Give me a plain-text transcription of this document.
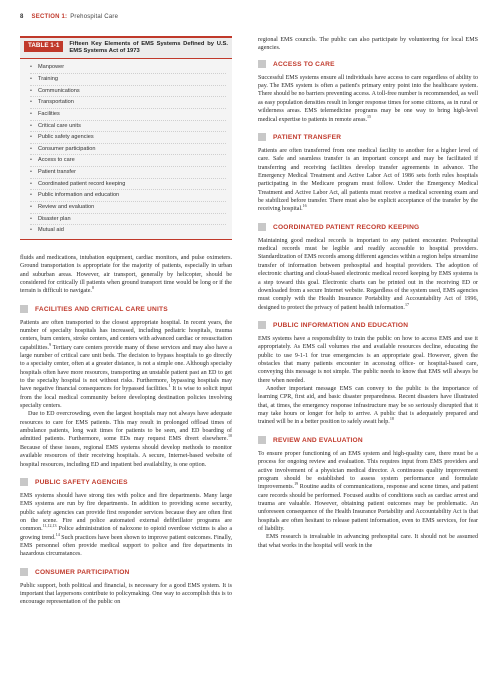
8 SECTION 1: Prehospital Care
TABLE 1-1	Fifteen Key Elements of EMS Systems Defined by U.S. EMS Systems Act of 1973
•	Manpower
•	Training
•	Communications
•	Transportation
•	Facilities
•	Critical care units
•	Public safety agencies
•	Consumer participation
•	Access to care
•	Patient transfer
•	Coordinated patient record keeping
•	Public information and education
•	Review and evaluation
•	Disaster plan
•	Mutual aid

fluids and medications, intubation equipment, cardiac monitors, and pulse oximeters. Ground transportation is appropriate for the majority of patients, especially in urban and suburban areas. However, air transport, generally by helicopter, should be considered for critically ill patients when ground transport time would be long or if the terrain is difficult to navigate.$^8$

FACILITIES AND CRITICAL CARE UNITS

Patients are often transported to the closest appropriate hospital. In recent years, the number of specialty hospitals has increased, including pediatric hospitals, trauma centers, burn centers, stroke centers, and centers with advanced cardiac or resuscitation capabilities.$^9$ Tertiary care centers provide many of these services and may also have a large number of critical care unit beds. The decision to bypass hospitals to go directly to a specialty center, often at a greater distance, is not a simple one. Although specialty hospitals often have more resources, transporting an unstable patient past an ED to get to the specialty hospital is not without risks. Furthermore, bypassing hospitals may have negative financial consequences for bypassed facilities.$^1$ It is wise to solicit input from the local medical community before developing destination policies involving specialty centers.

Due to ED overcrowding, even the largest hospitals may not always have adequate resources to care for EMS patients. This may result in prolonged offload times of ambulance patients, long wait times for patients to be seen, and ED boarding of admitted patients. Furthermore, some EDs may request EMS divert elsewhere.$^{10}$ Because of these issues, regional EMS systems should develop methods to monitor available resources of their receiving hospitals. A secure, Internet-based website of hospital resources, including ED and inpatient bed availability, is one option.

PUBLIC SAFETY AGENCIES

EMS systems should have strong ties with police and fire departments. Many large EMS systems are run by fire departments. In addition to providing scene security, public safety agencies can provide first responder services because they are often first on the scene. Fire and police automated external defibrillator programs are common.$^{11,12,13}$ Police administration of naloxone to opioid overdose victims is also a growing trend.$^{14}$ Such practices have been shown to improve patient outcomes. Finally, EMS personnel often provide medical support to police and fire departments in hazardous circumstances.

CONSUMER PARTICIPATION

Public support, both political and financial, is necessary for a good EMS system. It is important that laypersons contribute to policymaking. One way to accomplish this is to encourage representation of the public on

regional EMS councils. The public can also participate by volunteering for local EMS agencies.

ACCESS TO CARE

Successful EMS systems ensure all individuals have access to care regardless of ability to pay. The EMS system is often a patient's primary entry point into the healthcare system. There should be no barriers preventing access. A toll-free number is recommended, as well as easy population densities result in longer response times for some citizens, as in rural or wilderness areas. EMS telemedicine programs may be one way to bring high-level medical expertise to patients in remote areas.$^{15}$

PATIENT TRANSFER

Patients are often transferred from one medical facility to another for a higher level of care. Safe and seamless transfer is an important concept and may be facilitated if transferring and receiving facilities develop transfer agreements in advance. The Emergency Medical Treatment and Active Labor Act of 1986 sets forth rules hospitals participating in the Medicare program must follow. Under the Emergency Medical Treatment and Active Labor Act, all patients must receive a medical screening exam and be stabilized before transfer. There must also be explicit acceptance of the transfer by the receiving hospital.$^{16}$

COORDINATED PATIENT RECORD KEEPING

Maintaining good medical records is important to any patient encounter. Prehospital medical records must be legible and readily accessible to hospital providers. Standardization of EMS records among different agencies within a region helps streamline transfer of information between prehospital and hospital providers. The adoption of electronic charting and cloud-based electronic medical record keeping by EMS systems is a step toward this goal. Electronic charts can be printed out in the receiving ED or downloaded from a secure Internet website. Regardless of the system used, EMS agencies must comply with the Health Insurance Portability and Accountability Act of 1996, designed to protect the privacy of patient health information.$^{17}$

PUBLIC INFORMATION AND EDUCATION

EMS systems have a responsibility to train the public on how to access EMS and use it appropriately. As EMS call volumes rise and available resources decline, educating the public to use 9-1-1 for true emergencies is an appropriate goal. However, given the obstacles that many patients encounter in accessing office- or hospital-based care, conveying this message is not simple. The public needs to know that EMS will always be there when needed.

Another important message EMS can convey to the public is the importance of learning CPR, first aid, and basic disaster preparedness. Recent disasters have illustrated that, at times, the emergency response infrastructure may be so seriously disrupted that it may take hours or longer for help to arrive. A public that is adequately prepared and trained will be in a better position to safely await help.$^{18}$

REVIEW AND EVALUATION

To ensure proper functioning of an EMS system and high-quality care, there must be a process for ongoing review and evaluation. This requires input from EMS providers and active involvement of a physician medical director. A continuous quality improvement program should be established to assess system performance and formulate improvements.$^{19}$ Routine audits of communications, response and scene times, and patient care records should be performed. Focused audits of conditions such as cardiac arrest and trauma are valuable. However, obtaining patient outcomes may be problematic. An unforeseen consequence of the Health Insurance Portability and Accountability Act is that hospitals are often hesitant to release patient information, even to EMS services, for fear of liability.

EMS research is invaluable in advancing prehospital care. It should not be assumed that what works in the hospital will work in the
